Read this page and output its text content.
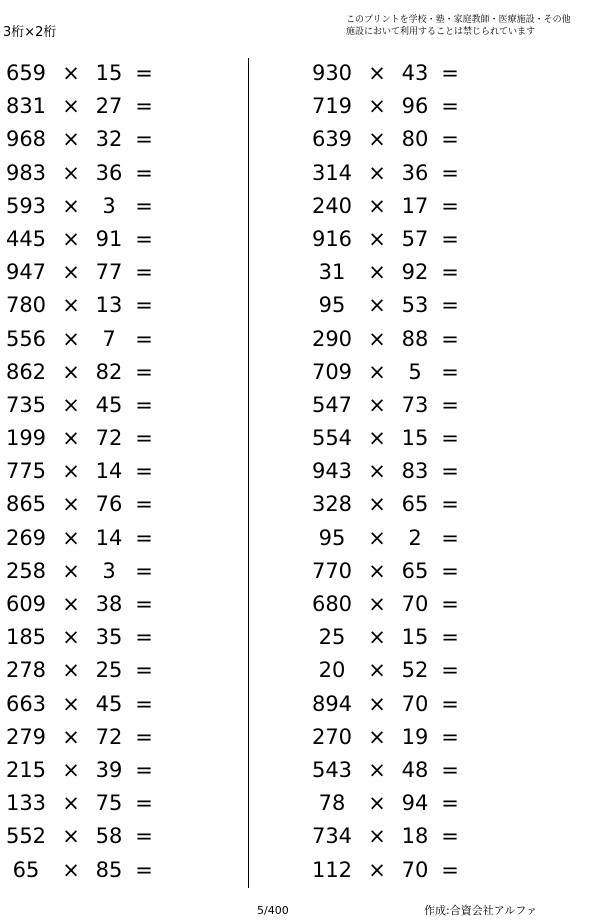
3桁×2桁
このプリントを学校・塾・家庭教師・医療施設・その他
施設において利用することは禁じられています
659 × 15 =
831 × 27 =
968 × 32 =
983 × 36 =
593 ×	3 =
445 × 91 =
947 × 77 =
780 × 13 =
556 ×	7 =
862 × 82 =
735 × 45 =
199 × 72 =
775 × 14 =
865 × 76 =
269 × 14 =
258 ×	3 =
609 × 38 =
185 × 35 =
278 × 25 =
663 × 45 =
279 × 72 =
215 × 39 =
133 × 75 =
552 × 58 =
65	× 85 =
930 × 43 =
719 × 96 =
639 × 80 =
314 × 36 =
240 × 17 =
916 × 57 =
31	× 92 =
95	× 53 =
290 × 88 =
709 ×	5 =
547 × 73 =
554 × 15 =
943 × 83 =
328 × 65 =
95	×	2 =
770 × 65 =
680 × 70 =
25	× 15 =
20	× 52 =
894 × 70 =
270 × 19 =
543 × 48 =
78	× 94 =
734 × 18 =
112 × 70 =
5/400	作成:合資会社アルファ
